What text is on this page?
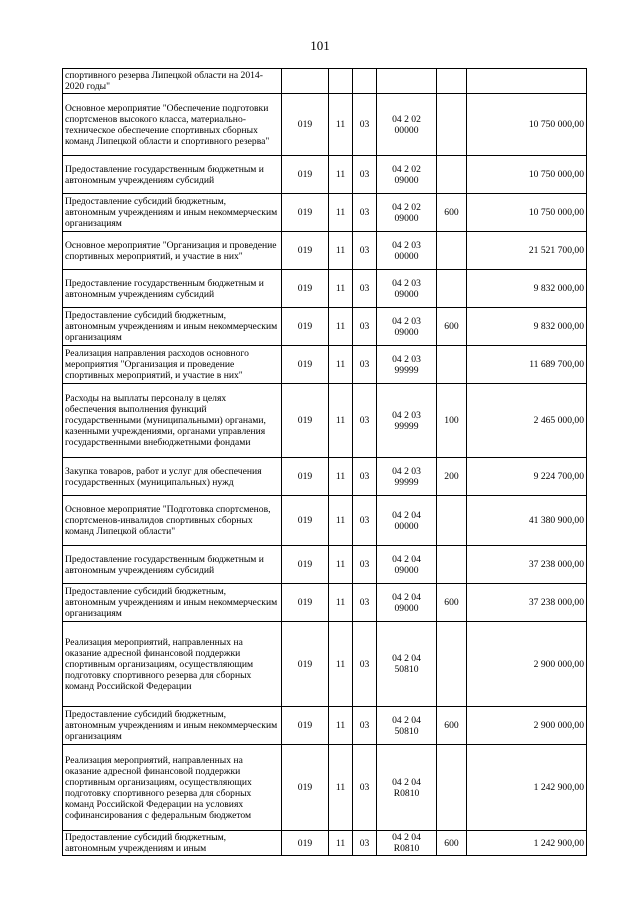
101
спортивного резерва Липецкой области на 2014-2020 годы"						
Основное мероприятие "Обеспечение подготовки спортсменов высокого класса, материально-техническое обеспечение спортивных сборных команд Липецкой области и спортивного резерва"	019	11	03	04 2 02 00000		10 750 000,00
Предоставление государственным бюджетным и автономным учреждениям субсидий	019	11	03	04 2 02 09000		10 750 000,00
Предоставление субсидий бюджетным, автономным учреждениям и иным некоммерческим организациям	019	11	03	04 2 02 09000	600	10 750 000,00
Основное мероприятие "Организация и проведение спортивных мероприятий, и участие в них"	019	11	03	04 2 03 00000		21 521 700,00
Предоставление государственным бюджетным и автономным учреждениям субсидий	019	11	03	04 2 03 09000		9 832 000,00
Предоставление субсидий бюджетным, автономным учреждениям и иным некоммерческим организациям	019	11	03	04 2 03 09000	600	9 832 000,00
Реализация направления расходов основного мероприятия "Организация и проведение спортивных мероприятий, и участие в них"	019	11	03	04 2 03 99999		11 689 700,00
Расходы на выплаты персоналу в целях обеспечения выполнения функций государственными (муниципальными) органами, казенными учреждениями, органами управления государственными внебюджетными фондами	019	11	03	04 2 03 99999	100	2 465 000,00
Закупка товаров, работ и услуг для обеспечения государственных (муниципальных) нужд	019	11	03	04 2 03 99999	200	9 224 700,00
Основное мероприятие "Подготовка спортсменов, спортсменов-инвалидов спортивных сборных команд Липецкой области"	019	11	03	04 2 04 00000		41 380 900,00
Предоставление государственным бюджетным и автономным учреждениям субсидий	019	11	03	04 2 04 09000		37 238 000,00
Предоставление субсидий бюджетным, автономным учреждениям и иным некоммерческим организациям	019	11	03	04 2 04 09000	600	37 238 000,00
Реализация мероприятий, направленных на оказание адресной финансовой поддержки спортивным организациям, осуществляющим подготовку спортивного резерва для сборных команд Российской Федерации	019	11	03	04 2 04 50810		2 900 000,00
Предоставление субсидий бюджетным, автономным учреждениям и иным некоммерческим организациям	019	11	03	04 2 04 50810	600	2 900 000,00
Реализация мероприятий, направленных на оказание адресной финансовой поддержки спортивным организациям, осуществляющих подготовку спортивного резерва для сборных команд Российской Федерации на условиях софинансирования с федеральным бюджетом	019	11	03	04 2 04 R0810		1 242 900,00
Предоставление субсидий бюджетным, автономным учреждениям и иным	019	11	03	04 2 04 R0810	600	1 242 900,00
